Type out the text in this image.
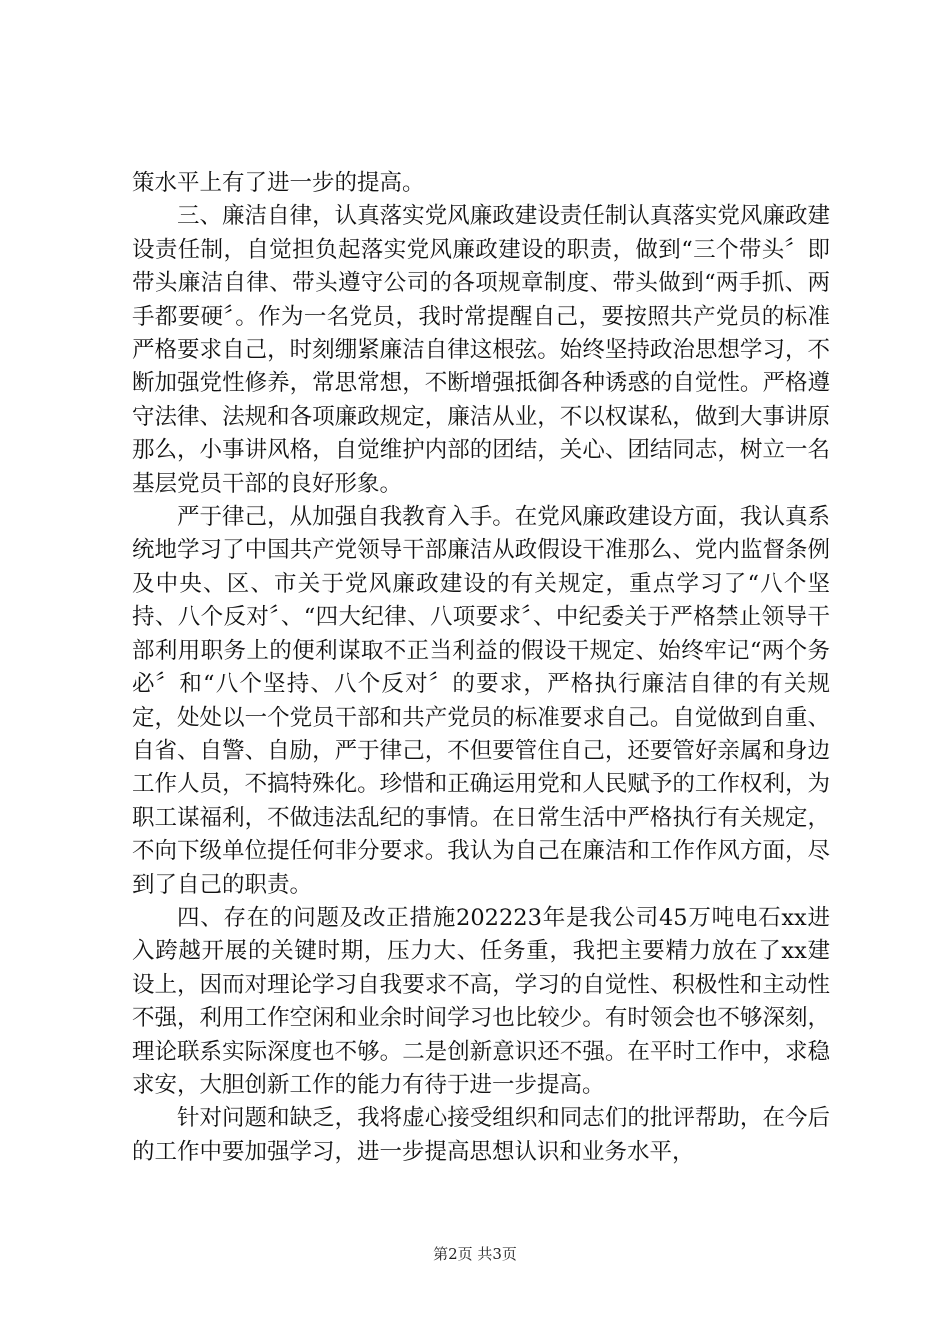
策水平上有了进一步的提高。

三、廉洁自律，认真落实党风廉政建设责任制认真落实党风廉政建设责任制，自觉担负起落实党风廉政建设的职责，做到“三个带头〞即带头廉洁自律、带头遵守公司的各项规章制度、带头做到“两手抓、两手都要硬〞。作为一名党员，我时常提醒自己，要按照共产党员的标准严格要求自己，时刻绷紧廉洁自律这根弦。始终坚持政治思想学习，不断加强党性修养，常思常想，不断增强抵御各种诱惑的自觉性。严格遵守法律、法规和各项廉政规定，廉洁从业，不以权谋私，做到大事讲原那么，小事讲风格，自觉维护内部的团结，关心、团结同志，树立一名基层党员干部的良好形象。

严于律己，从加强自我教育入手。在党风廉政建设方面，我认真系统地学习了中国共产党领导干部廉洁从政假设干准那么、党内监督条例及中央、区、市关于党风廉政建设的有关规定，重点学习了“八个坚持、八个反对〞、“四大纪律、八项要求〞、中纪委关于严格禁止领导干部利用职务上的便利谋取不正当利益的假设干规定、始终牢记“两个务必〞和“八个坚持、八个反对〞的要求，严格执行廉洁自律的有关规定，处处以一个党员干部和共产党员的标准要求自己。自觉做到自重、自省、自警、自励，严于律己，不但要管住自己，还要管好亲属和身边工作人员，不搞特殊化。珍惜和正确运用党和人民赋予的工作权利，为职工谋福利，不做违法乱纪的事情。在日常生活中严格执行有关规定，不向下级单位提任何非分要求。我认为自己在廉洁和工作作风方面，尽到了自己的职责。

四、存在的问题及改正措施202223年是我公司45万吨电石xx进入跨越开展的关键时期，压力大、任务重，我把主要精力放在了xx建设上，因而对理论学习自我要求不高，学习的自觉性、积极性和主动性不强，利用工作空闲和业余时间学习也比较少。有时领会也不够深刻，理论联系实际深度也不够。二是创新意识还不强。在平时工作中，求稳求安，大胆创新工作的能力有待于进一步提高。

针对问题和缺乏，我将虚心接受组织和同志们的批评帮助，在今后的工作中要加强学习，进一步提高思想认识和业务水平，

第2页 共3页
